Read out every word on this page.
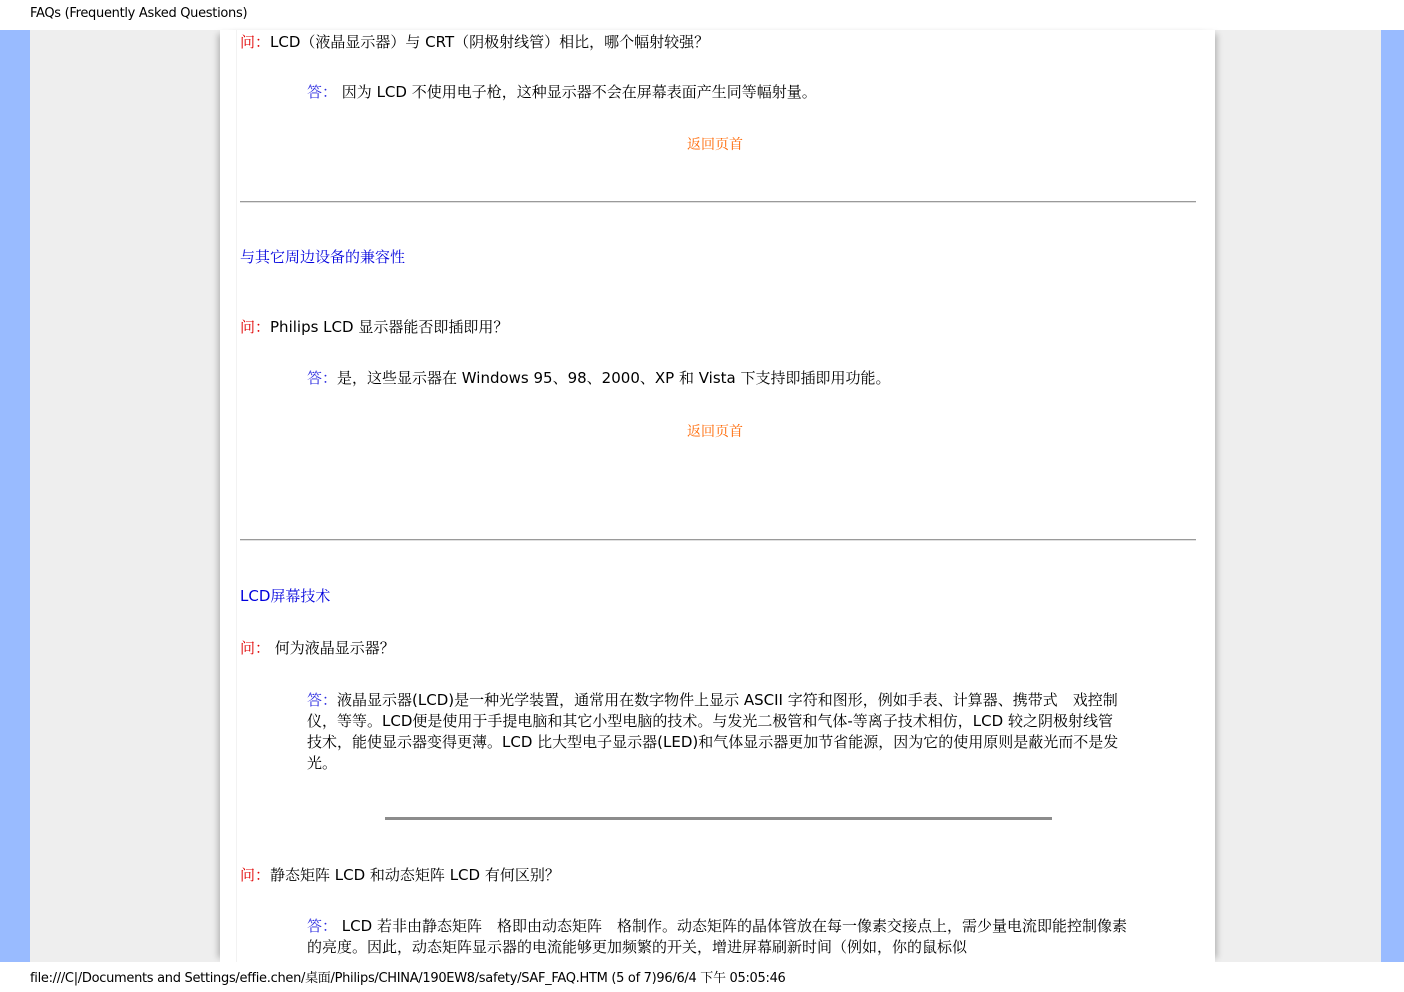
FAQs (Frequently Asked Questions)
问：LCD（液晶显示器）与 CRT（阴极射线管）相比，哪个幅射较强？
答： 因为 LCD 不使用电子枪，这种显示器不会在屏幕表面产生同等幅射量。
返回页首
与其它周边设备的兼容性
问：Philips LCD 显示器能否即插即用？
答：是，这些显示器在 Windows 95、98、2000、XP 和 Vista 下支持即插即用功能。
返回页首
LCD屏幕技术
问： 何为液晶显示器？
答：液晶显示器(LCD)是一种光学装置，通常用在数字物件上显示 ASCII 字符和图形，例如手表、计算器、携带式　戏控制仪，等等。LCD便是使用于手提电脑和其它小型电脑的技术。与发光二极管和气体-等离子技术相仿，LCD 较之阴极射线管技术，能使显示器变得更薄。LCD 比大型电子显示器(LED)和气体显示器更加节省能源，因为它的使用原则是蔽光而不是发光。
问：静态矩阵 LCD 和动态矩阵 LCD 有何区别？
答： LCD 若非由静态矩阵　格即由动态矩阵　格制作。动态矩阵的晶体管放在每一像素交接点上，需少量电流即能控制像素的亮度。因此，动态矩阵显示器的电流能够更加频繁的开关，增进屏幕刷新时间（例如，你的鼠标似
file:///C|/Documents and Settings/effie.chen/桌面/Philips/CHINA/190EW8/safety/SAF_FAQ.HTM (5 of 7)96/6/4 下午 05:05:46
